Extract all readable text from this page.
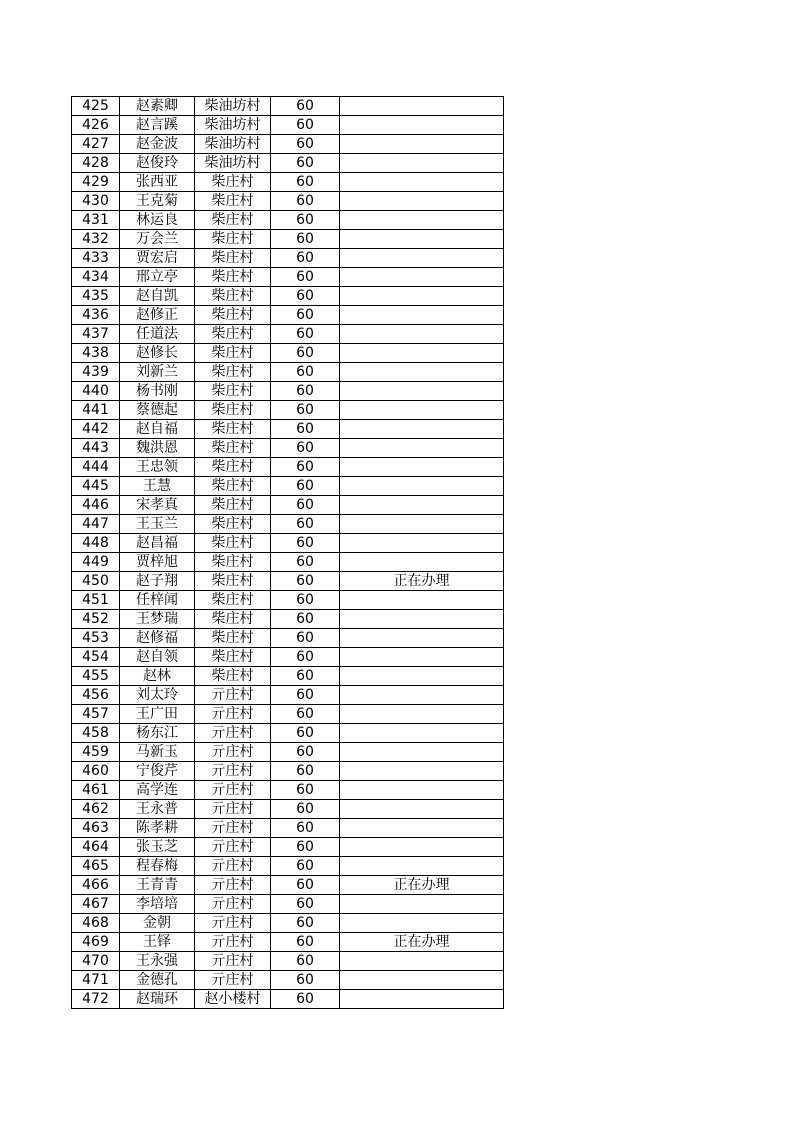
425	赵素卿	柴油坊村	60	
426	赵言蹊	柴油坊村	60	
427	赵金波	柴油坊村	60	
428	赵俊玲	柴油坊村	60	
429	张西亚	柴庄村	60	
430	王克菊	柴庄村	60	
431	林运良	柴庄村	60	
432	万会兰	柴庄村	60	
433	贾宏启	柴庄村	60	
434	邢立亭	柴庄村	60	
435	赵自凯	柴庄村	60	
436	赵修正	柴庄村	60	
437	任道法	柴庄村	60	
438	赵修长	柴庄村	60	
439	刘新兰	柴庄村	60	
440	杨书刚	柴庄村	60	
441	蔡德起	柴庄村	60	
442	赵自福	柴庄村	60	
443	魏洪恩	柴庄村	60	
444	王忠领	柴庄村	60	
445	王慧	柴庄村	60	
446	宋孝真	柴庄村	60	
447	王玉兰	柴庄村	60	
448	赵昌福	柴庄村	60	
449	贾梓旭	柴庄村	60	
450	赵子翔	柴庄村	60	正在办理
451	任梓闻	柴庄村	60	
452	王梦瑞	柴庄村	60	
453	赵修福	柴庄村	60	
454	赵自领	柴庄村	60	
455	赵林	柴庄村	60	
456	刘太玲	亓庄村	60	
457	王广田	亓庄村	60	
458	杨东江	亓庄村	60	
459	马新玉	亓庄村	60	
460	宁俊芹	亓庄村	60	
461	高学连	亓庄村	60	
462	王永普	亓庄村	60	
463	陈孝耕	亓庄村	60	
464	张玉芝	亓庄村	60	
465	程春梅	亓庄村	60	
466	王青青	亓庄村	60	正在办理
467	李培培	亓庄村	60	
468	金朝	亓庄村	60	
469	王铎	亓庄村	60	正在办理
470	王永强	亓庄村	60	
471	金德孔	亓庄村	60	
472	赵瑞环	赵小楼村	60	
